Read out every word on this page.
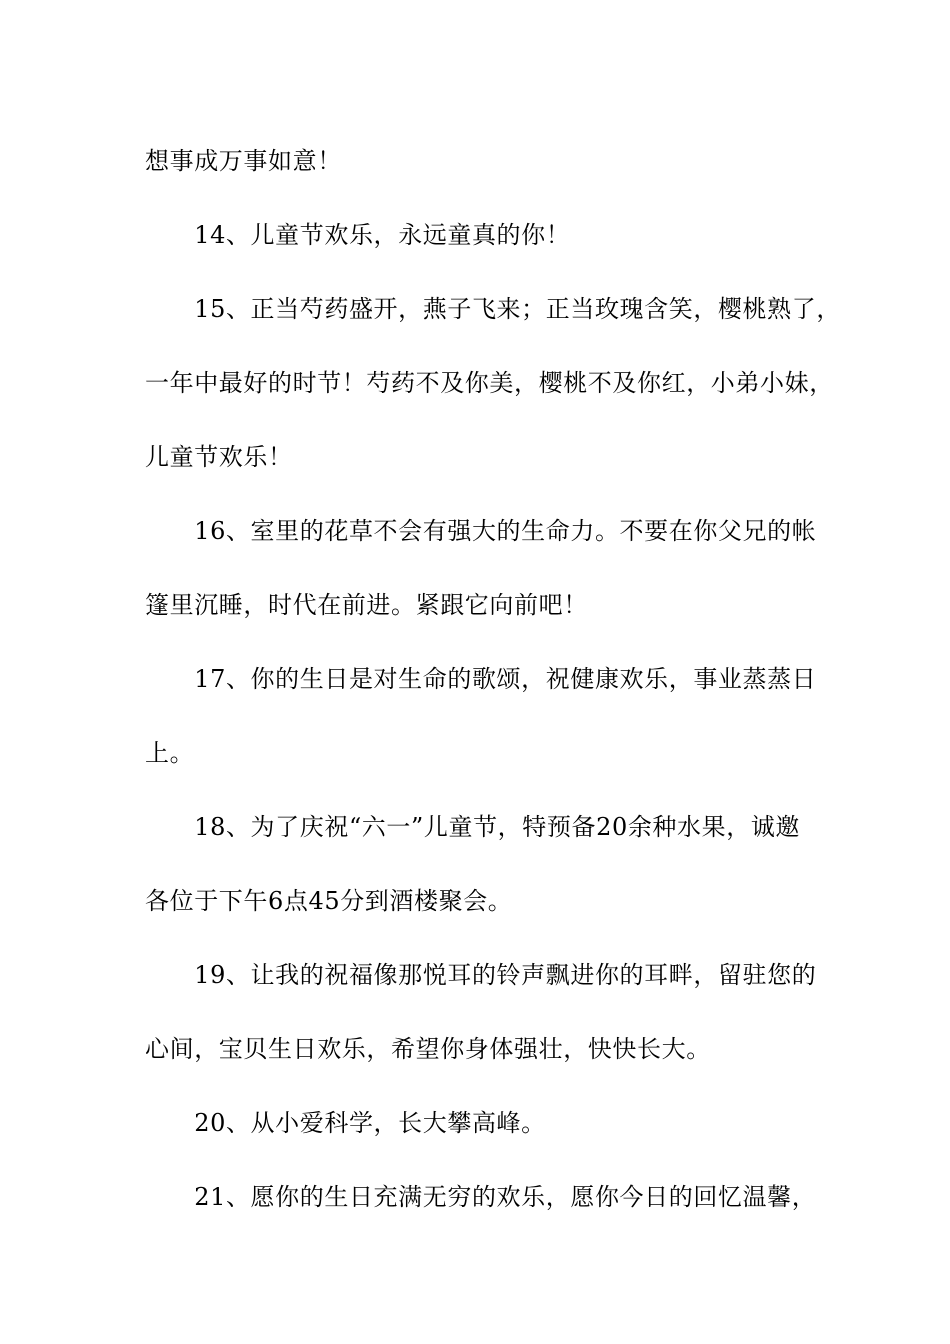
想事成万事如意！

　　14、儿童节欢乐，永远童真的你！

　　15、正当芍药盛开，燕子飞来；正当玫瑰含笑，樱桃熟了，

一年中最好的时节！芍药不及你美，樱桃不及你红，小弟小妹，

儿童节欢乐！

　　16、室里的花草不会有强大的生命力。不要在你父兄的帐

篷里沉睡，时代在前进。紧跟它向前吧！

　　17、你的生日是对生命的歌颂，祝健康欢乐，事业蒸蒸日

上。

　　18、为了庆祝“六一”儿童节，特预备20余种水果，诚邀

各位于下午6点45分到酒楼聚会。

　　19、让我的祝福像那悦耳的铃声飘进你的耳畔，留驻您的

心间，宝贝生日欢乐，希望你身体强壮，快快长大。

　　20、从小爱科学，长大攀高峰。

　　21、愿你的生日充满无穷的欢乐，愿你今日的回忆温馨，
